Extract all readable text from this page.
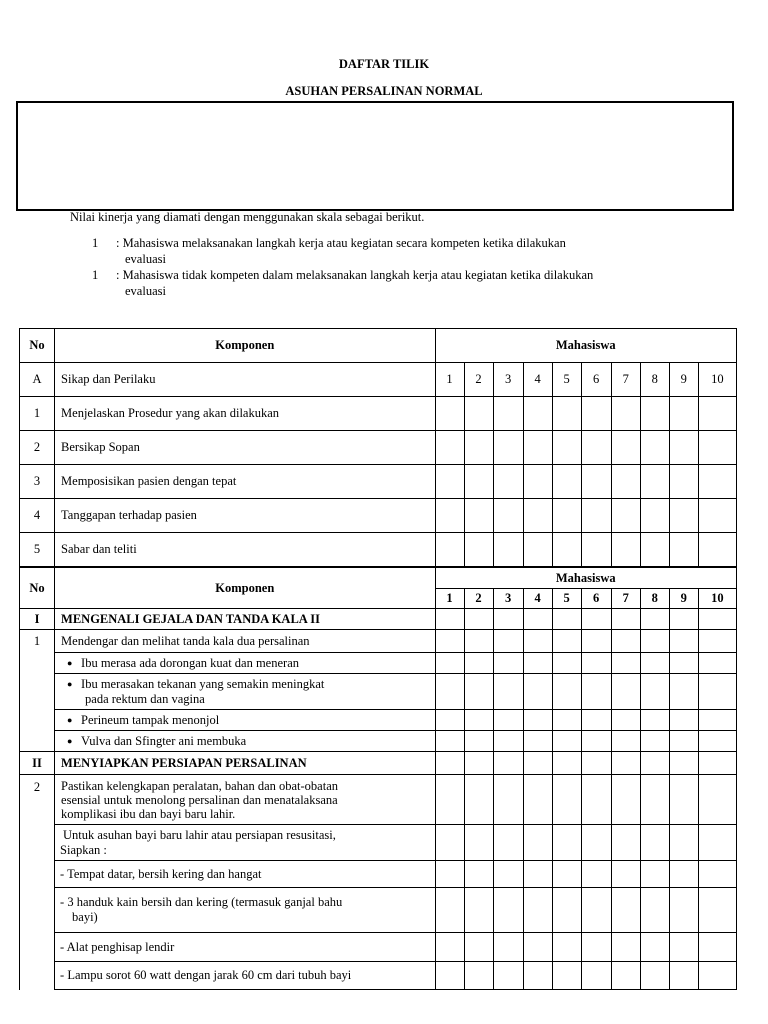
DAFTAR TILIK
ASUHAN PERSALINAN NORMAL
Nilai kinerja yang diamati dengan menggunakan skala sebagai berikut.
1 : Mahasiswa melaksanakan langkah kerja atau kegiatan secara kompeten ketika dilakukan
evaluasi
1 : Mahasiswa tidak kompeten dalam melaksanakan langkah kerja atau kegiatan ketika dilakukan
evaluasi
No	Komponen	Mahasiswa									
A	Sikap dan Perilaku	1	2	3	4	5	6	7	8	9	10
1	Menjelaskan Prosedur yang akan dilakukan										
2	Bersikap Sopan										
3	Memposisikan pasien dengan tepat										
4	Tanggapan terhadap pasien										
5	Sabar dan teliti										
No	Komponen	Mahasiswa									
		1	2	3	4	5	6	7	8	9	10
I	MENGENALI GEJALA DAN TANDA KALA II										
1	Mendengar dan melihat tanda kala dua persalinan										
	● Ibu merasa ada dorongan kuat dan meneran										
	● Ibu merasakan tekanan yang semakin meningkat
pada rektum dan vagina										

	● Perineum tampak menonjol										
	● Vulva dan Sfingter ani membuka										
II	MENYIAPKAN PERSIAPAN PERSALINAN										
2	Pastikan kelengkapan peralatan, bahan dan obat-obatan
esensial untuk menolong persalinan dan menatalaksana
komplikasi ibu dan bayi baru lahir.										

	Untuk asuhan bayi baru lahir atau persiapan resusitasi,
Siapkan :										

	- Tempat datar, bersih kering dan hangat										
	- 3 handuk kain bersih dan kering (termasuk ganjal bahu
bayi)										

	- Alat penghisap lendir										
	- Lampu sorot 60 watt dengan jarak 60 cm dari tubuh bayi										
